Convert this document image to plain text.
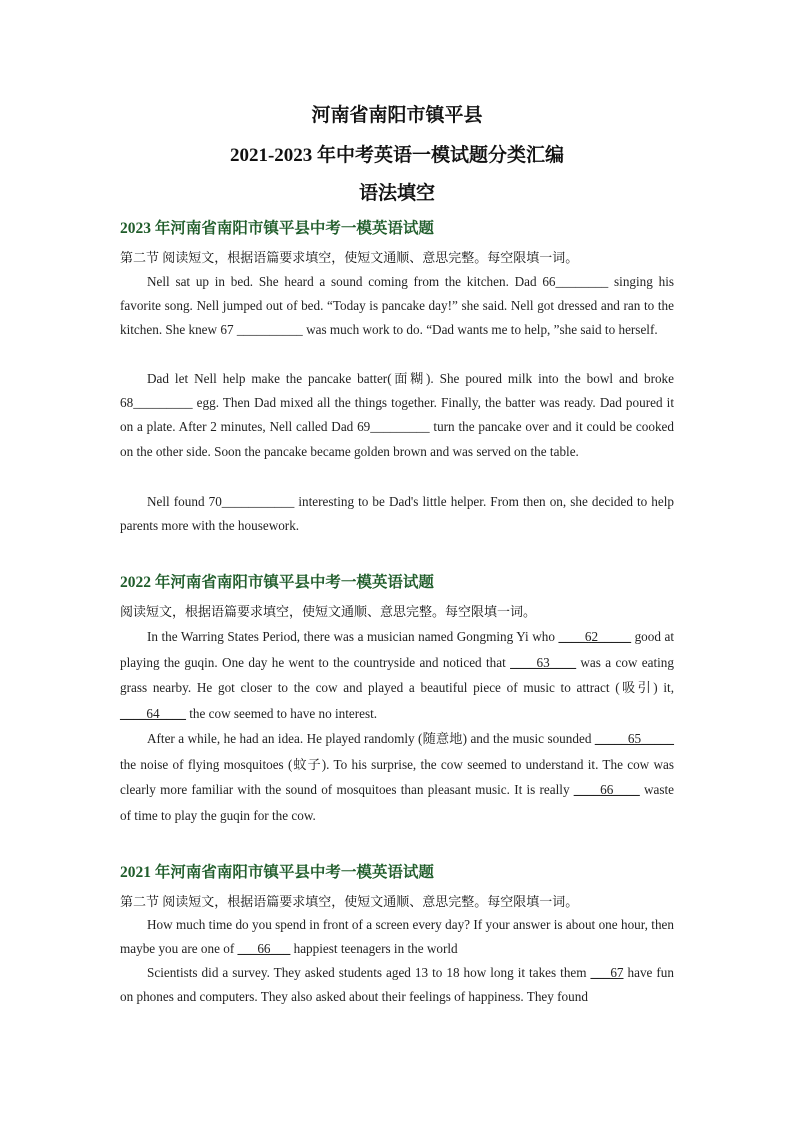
河南省南阳市镇平县
2021-2023 年中考英语一模试题分类汇编
语法填空
2023 年河南省南阳市镇平县中考一模英语试题
第二节 阅读短文，根据语篇要求填空，使短文通顺、意思完整。每空限填一词。

Nell sat up in bed. She heard a sound coming from the kitchen. Dad 66________ singing his favorite song. Nell jumped out of bed. “Today is pancake day!” she said. Nell got dressed and ran to the kitchen. She knew 67 __________ was much work to do. “Dad wants me to help, ”she said to herself.

Dad let Nell help make the pancake batter(面糊). She poured milk into the bowl and broke 68_________ egg. Then Dad mixed all the things together. Finally, the batter was ready. Dad poured it on a plate. After 2 minutes, Nell called Dad 69_________ turn the pancake over and it could be cooked on the other side. Soon the pancake became golden brown and was served on the table.

Nell found 70___________ interesting to be Dad's little helper. From then on, she decided to help parents more with the housework.

2022 年河南省南阳市镇平县中考一模英语试题
阅读短文，根据语篇要求填空，使短文通顺、意思完整。每空限填一词。

In the Warring States Period, there was a musician named Gongming Yi who ____62_____ good at playing the guqin. One day he went to the countryside and noticed that ____63____ was a cow eating grass nearby. He got closer to the cow and played a beautiful piece of music to attract (吸引) it, ____64____ the cow seemed to have no interest.

After a while, he had an idea. He played randomly (随意地) and the music sounded _____65_____ the noise of flying mosquitoes (蚊子). To his surprise, the cow seemed to understand it. The cow was clearly more familiar with the sound of mosquitoes than pleasant music. It is really ____66____ waste of time to play the guqin for the cow.

2021 年河南省南阳市镇平县中考一模英语试题
第二节 阅读短文，根据语篇要求填空，使短文通顺、意思完整。每空限填一词。

How much time do you spend in front of a screen every day? If your answer is about one hour, then maybe you are one of ___66___ happiest teenagers in the world

Scientists did a survey. They asked students aged 13 to 18 how long it takes them ___67 have fun on phones and computers. They also asked about their feelings of happiness. They found
